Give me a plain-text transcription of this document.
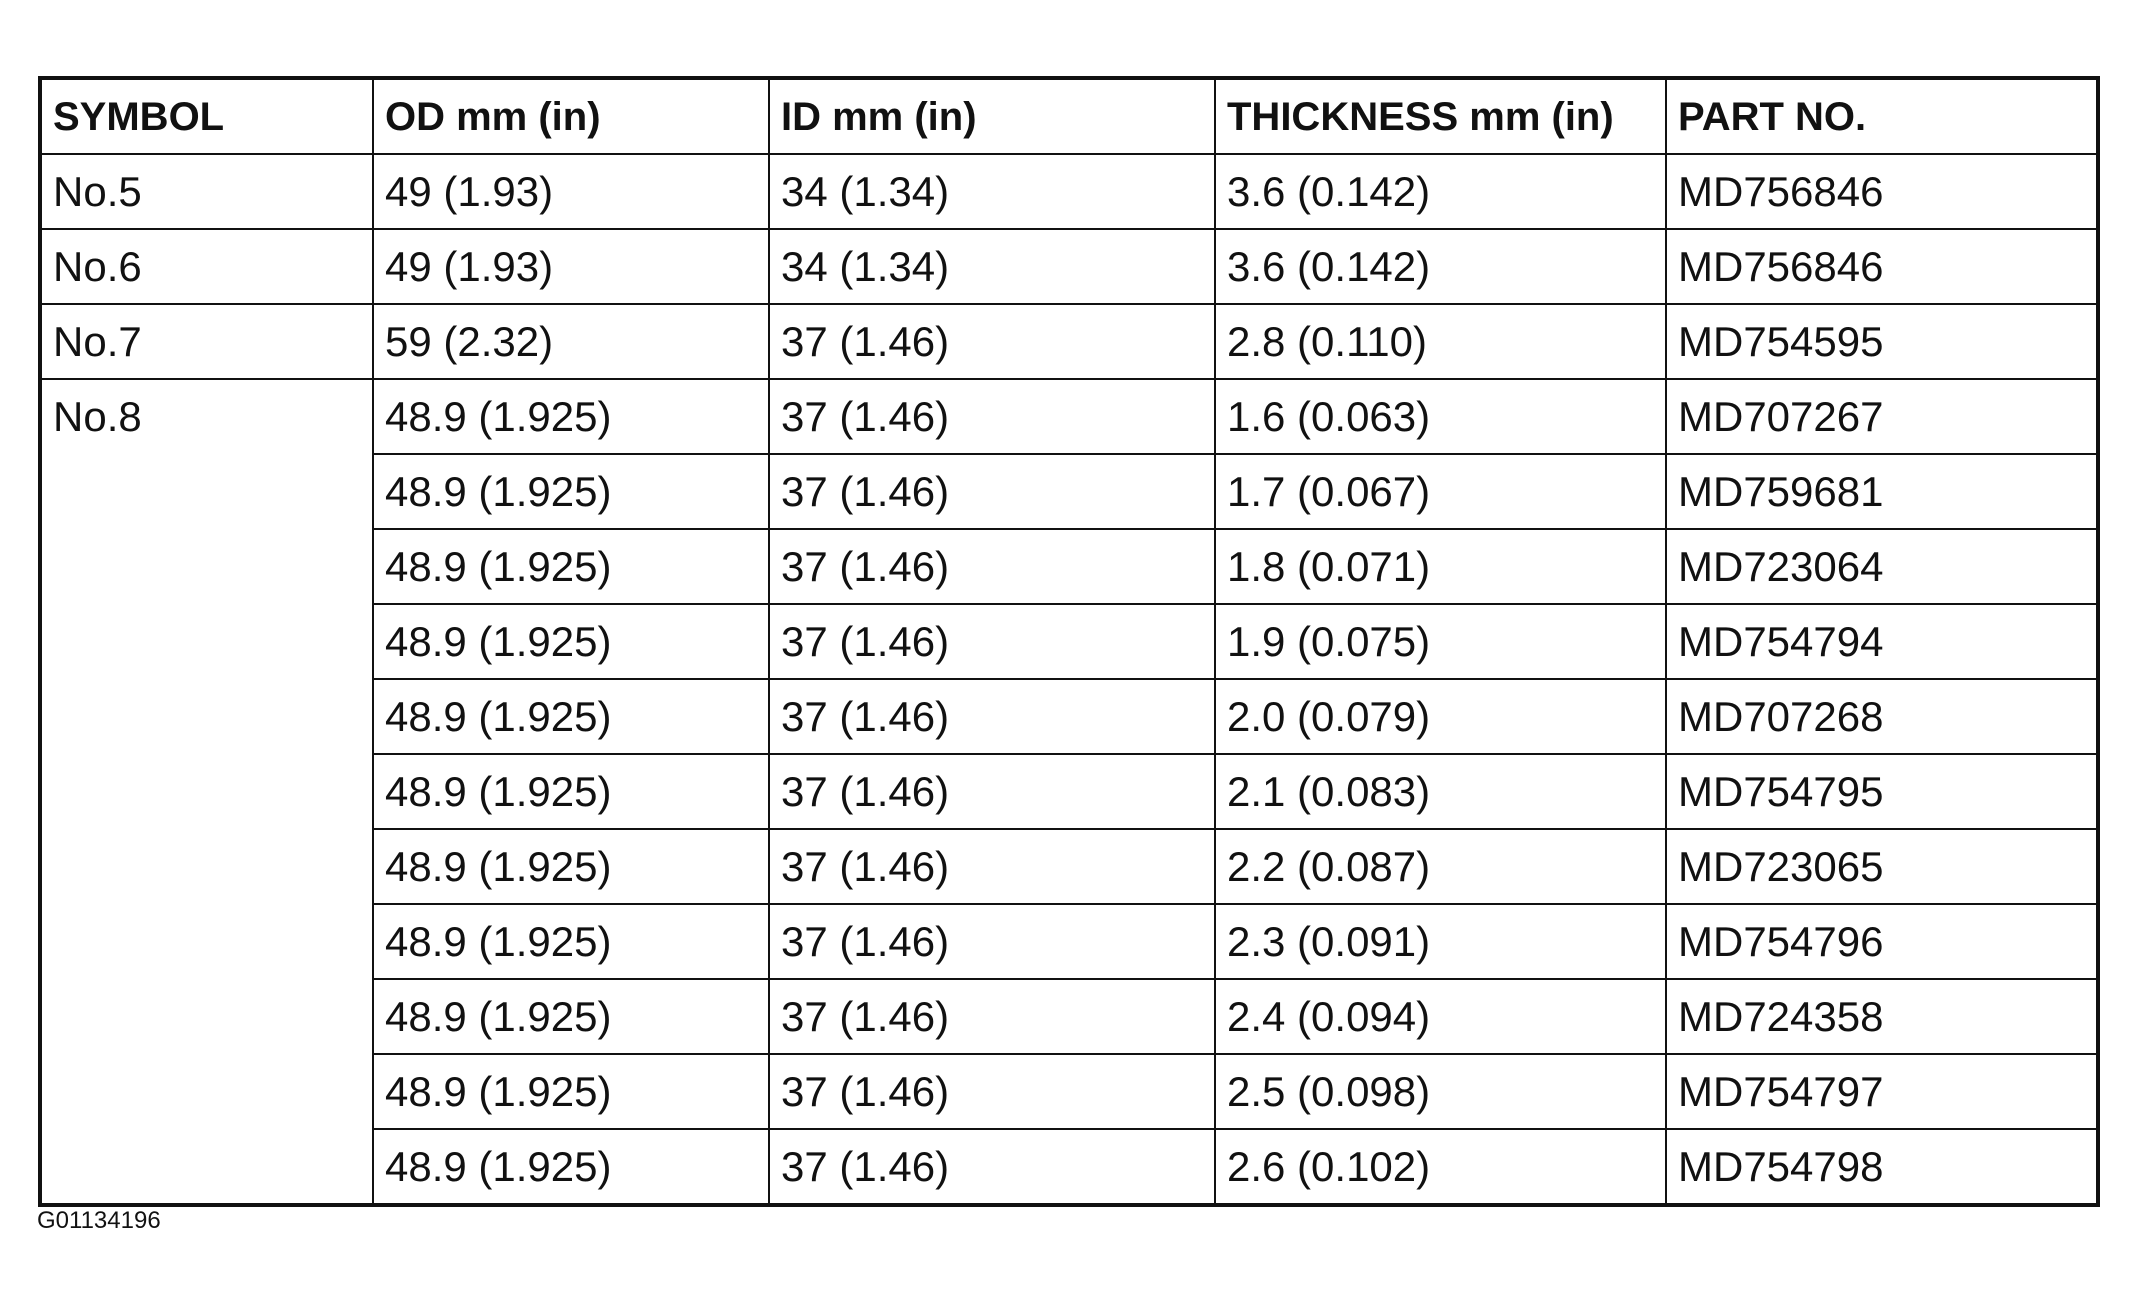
SYMBOL	OD mm (in)	ID mm (in)	THICKNESS mm (in)	PART NO.
No.5	49 (1.93)	34 (1.34)	3.6 (0.142)	MD756846
No.6	49 (1.93)	34 (1.34)	3.6 (0.142)	MD756846
No.7	59 (2.32)	37 (1.46)	2.8 (0.110)	MD754595
No.8	48.9 (1.925)	37 (1.46)	1.6 (0.063)	MD707267
	48.9 (1.925)	37 (1.46)	1.7 (0.067)	MD759681
	48.9 (1.925)	37 (1.46)	1.8 (0.071)	MD723064
	48.9 (1.925)	37 (1.46)	1.9 (0.075)	MD754794
	48.9 (1.925)	37 (1.46)	2.0 (0.079)	MD707268
	48.9 (1.925)	37 (1.46)	2.1 (0.083)	MD754795
	48.9 (1.925)	37 (1.46)	2.2 (0.087)	MD723065
	48.9 (1.925)	37 (1.46)	2.3 (0.091)	MD754796
	48.9 (1.925)	37 (1.46)	2.4 (0.094)	MD724358
	48.9 (1.925)	37 (1.46)	2.5 (0.098)	MD754797
	48.9 (1.925)	37 (1.46)	2.6 (0.102)	MD754798
G01134196
